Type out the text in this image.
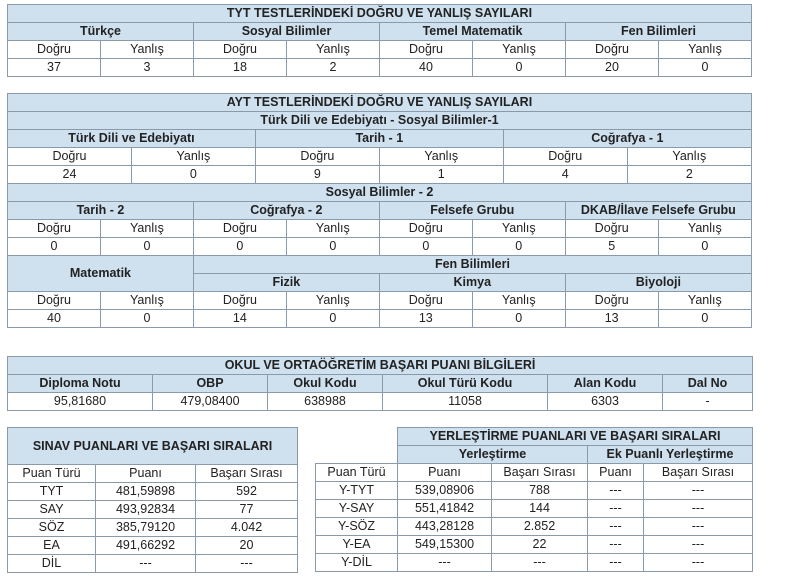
TYT TESTLERİNDEKİ DOĞRU VE YANLIŞ SAYILARI							
Türkçe		Sosyal Bilimler		Temel Matematik		Fen Bilimleri	
Doğru	Yanlış	Doğru	Yanlış	Doğru	Yanlış	Doğru	Yanlış
37	3	18	2	40	0	20	0
AYT TESTLERİNDEKİ DOĞRU VE YANLIŞ SAYILARI											
Türk Dili ve Edebiyatı - Sosyal Bilimler-1											
Türk Dili ve Edebiyatı				Tarih - 1				Coğrafya - 1			
Doğru		Yanlış		Doğru		Yanlış		Doğru		Yanlış	
24		0		9		1		4		2	
Sosyal Bilimler - 2											
Tarih - 2			Coğrafya - 2			Felsefe Grubu			DKAB/İlave Felsefe Grubu		
Doğru	Yanlış		Doğru		Yanlış	Doğru	Yanlış		Doğru		Yanlış
0	0		0		0	0	0		5		0
Matematik			Fen Bilimleri								
			Fizik			Kimya			Biyoloji		
Doğru	Yanlış		Doğru		Yanlış	Doğru	Yanlış		Doğru		Yanlış
40	0		14		0	13	0		13		0
OKUL VE ORTAÖĞRETİM BAŞARI PUANI BİLGİLERİ					
Diploma Notu	OBP	Okul Kodu	Okul Türü Kodu	Alan Kodu	Dal No
95,81680	479,08400	638988	11058	6303	-
SINAV PUANLARI VE BAŞARI SIRALARI		

Puan Türü	Puanı	Başarı Sırası
TYT	481,59898	592
SAY	493,92834	77
SÖZ	385,79120	4.042
EA	491,66292	20
DİL	---	---
	YERLEŞTİRME PUANLARI VE BAŞARI SIRALARI			
	Yerleştirme		Ek Puanlı Yerleştirme	
Puan Türü	Puanı	Başarı Sırası	Puanı	Başarı Sırası
Y-TYT	539,08906	788	---	---
Y-SAY	551,41842	144	---	---
Y-SÖZ	443,28128	2.852	---	---
Y-EA	549,15300	22	---	---
Y-DİL	---	---	---	---
